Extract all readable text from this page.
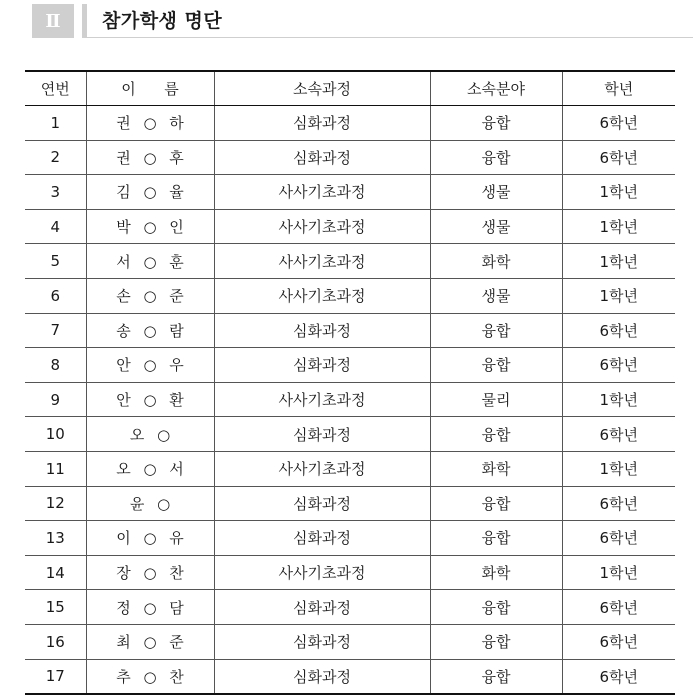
Ⅱ	참가학생 명단
연번	이      름	소속과정	소속분야	학년
1	권 ○ 하	심화과정	융합	6학년
2	권 ○ 후	심화과정	융합	6학년
3	김 ○ 율	사사기초과정	생물	1학년
4	박 ○ 인	사사기초과정	생물	1학년
5	서 ○ 훈	사사기초과정	화학	1학년
6	손 ○ 준	사사기초과정	생물	1학년
7	송 ○ 람	심화과정	융합	6학년
8	안 ○ 우	심화과정	융합	6학년
9	안 ○ 환	사사기초과정	물리	1학년
10	오 ○	심화과정	융합	6학년
11	오 ○ 서	사사기초과정	화학	1학년
12	윤 ○	심화과정	융합	6학년
13	이 ○ 유	심화과정	융합	6학년
14	장 ○ 찬	사사기초과정	화학	1학년
15	정 ○ 담	심화과정	융합	6학년
16	최 ○ 준	심화과정	융합	6학년
17	추 ○ 찬	심화과정	융합	6학년
